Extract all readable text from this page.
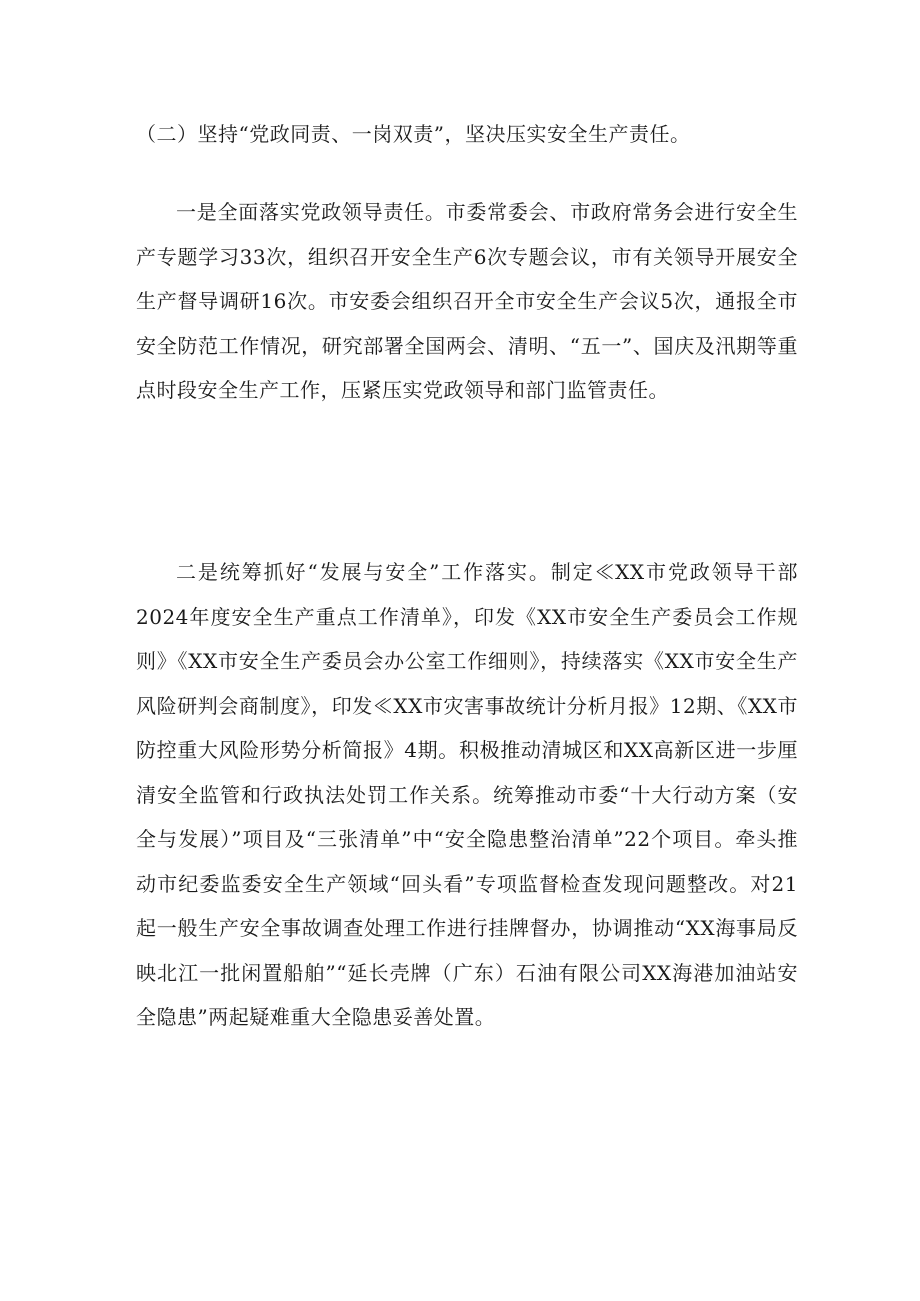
（二）坚持“党政同责、一岗双责”，坚决压实安全生产责任。

一是全面落实党政领导责任。市委常委会、市政府常务会进行安全生产专题学习33次，组织召开安全生产6次专题会议，市有关领导开展安全生产督导调研16次。市安委会组织召开全市安全生产会议5次，通报全市安全防范工作情况，研究部署全国两会、清明、“五一”、国庆及汛期等重点时段安全生产工作，压紧压实党政领导和部门监管责任。

二是统筹抓好“发展与安全”工作落实。制定≪XX市党政领导干部2024年度安全生产重点工作清单》，印发《XX市安全生产委员会工作规则》《XX市安全生产委员会办公室工作细则》，持续落实《XX市安全生产风险研判会商制度》，印发≪XX市灾害事故统计分析月报》12期、《XX市防控重大风险形势分析简报》4期。积极推动清城区和XX高新区进一步厘清安全监管和行政执法处罚工作关系。统筹推动市委“十大行动方案（安全与发展）”项目及“三张清单”中“安全隐患整治清单”22个项目。牵头推动市纪委监委安全生产领域“回头看”专项监督检查发现问题整改。对21起一般生产安全事故调查处理工作进行挂牌督办，协调推动“XX海事局反映北江一批闲置船舶”“延长壳牌（广东）石油有限公司XX海港加油站安全隐患”两起疑难重大全隐患妥善处置。
